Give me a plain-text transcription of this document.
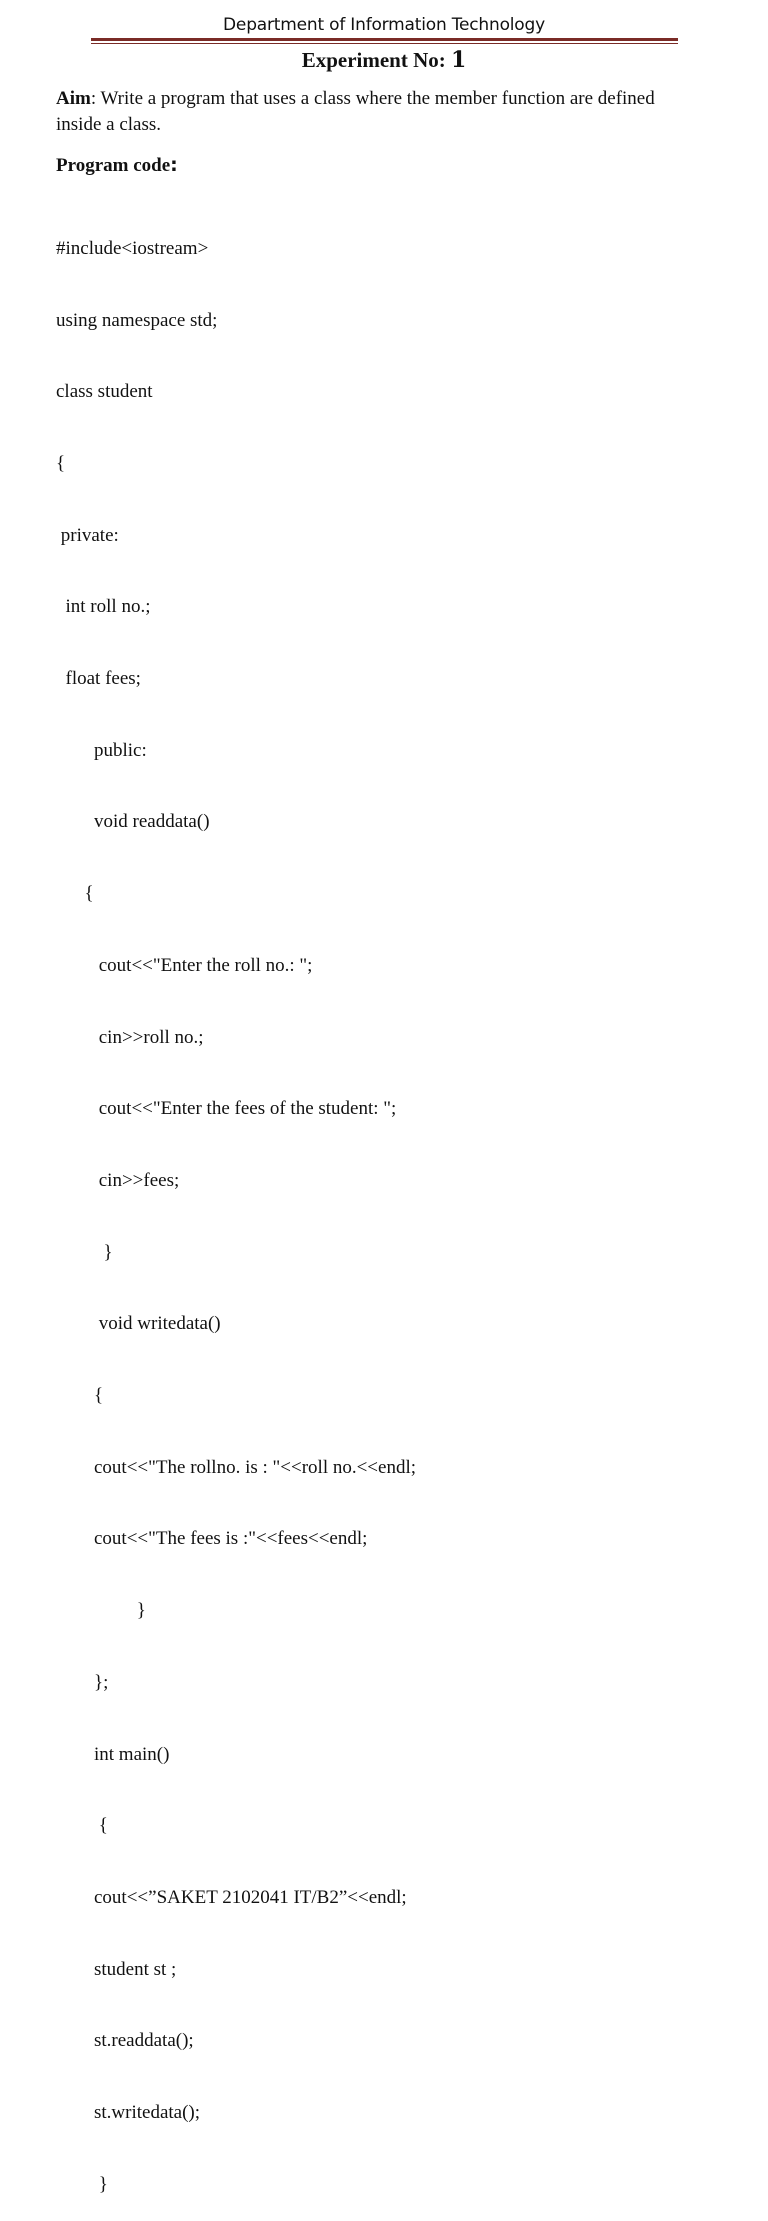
Department of Information Technology
Experiment No: 1

Aim: Write a program that uses a class where the member function are defined inside a class.

Program code:

#include<iostream>

using namespace std;

class student

{

private:

int roll no.;

float fees;

public:

void readdata()

{

cout<<"Enter the roll no.: ";

cin>>roll no.;

cout<<"Enter the fees of the student: ";

cin>>fees;

}

void writedata()

{

cout<<"The rollno. is : "<<roll no.<<endl;

cout<<"The fees is :"<<fees<<endl;

}

};

int main()

{

cout<<”SAKET 2102041 IT/B2”<<endl;

student st ;

st.readdata();

st.writedata();

}
